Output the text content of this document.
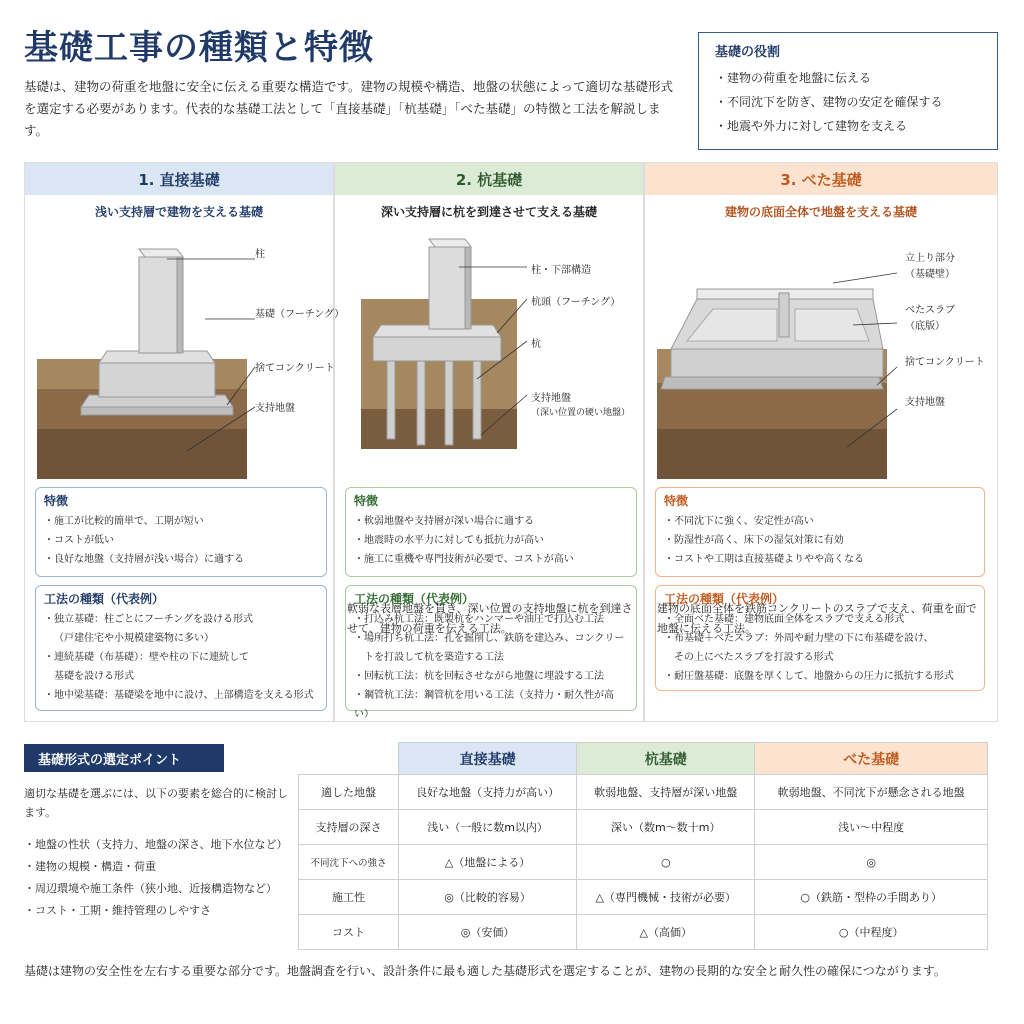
基礎工事の種類と特徴
基礎は、建物の荷重を地盤に安全に伝える重要な構造です。建物の規模や構造、地盤の状態によって適切な基礎形式を選定する必要があります。代表的な基礎工法として「直接基礎」「杭基礎」「べた基礎」の特徴と工法を解説します。
基礎の役割
・建物の荷重を地盤に伝える
・不同沈下を防ぎ、建物の安定を確保する
・地震や外力に対して建物を支える
1. 直接基礎
浅い支持層で建物を支える基礎
柱
基礎（フーチング）
捨てコンクリート
支持地盤
特徴
・施工が比較的簡単で、工期が短い
・コストが低い
・良好な地盤（支持層が浅い場合）に適する
工法の種類（代表例）
・独立基礎：柱ごとにフーチングを設ける形式
（戸建住宅や小規模建築物に多い）
・連続基礎（布基礎）：壁や柱の下に連続して
基礎を設ける形式
・地中梁基礎：基礎梁を地中に設け、上部構造を支える形式
2. 杭基礎
深い支持層に杭を到達させて支える基礎
柱・下部構造
杭頭（フーチング）
杭
支持地盤
（深い位置の硬い地盤）
軟弱な表層地盤を貫き、深い位置の支持地盤に杭を到達させて、建物の荷重を伝える工法。
特徴
・軟弱地盤や支持層が深い場合に適する
・地震時の水平力に対しても抵抗力が高い
・施工に重機や専門技術が必要で、コストが高い
工法の種類（代表例）
・打込み杭工法：既製杭をハンマーや油圧で打込む工法
・場所打ち杭工法：孔を掘削し、鉄筋を建込み、コンクリー
トを打設して杭を築造する工法
・回転杭工法：杭を回転させながら地盤に埋設する工法
・鋼管杭工法：鋼管杭を用いる工法（支持力・耐久性が高い）
3. べた基礎
建物の底面全体で地盤を支える基礎
立上り部分
（基礎壁）
べたスラブ
（底版）
捨てコンクリート
支持地盤
建物の底面全体を鉄筋コンクリートのスラブで支え、荷重を面で地盤に伝える工法。
特徴
・不同沈下に強く、安定性が高い
・防湿性が高く、床下の湿気対策に有効
・コストや工期は直接基礎よりやや高くなる
工法の種類（代表例）
・全面べた基礎：建物底面全体をスラブで支える形式
・布基礎＋べたスラブ：外周や耐力壁の下に布基礎を設け、
その上にべたスラブを打設する形式
・耐圧盤基礎：底盤を厚くして、地盤からの圧力に抵抗する形式
基礎形式の選定ポイント
適切な基礎を選ぶには、以下の要素を総合的に検討します。
・地盤の性状（支持力、地盤の深さ、地下水位など）
・建物の規模・構造・荷重
・周辺環境や施工条件（狭小地、近接構造物など）
・コスト・工期・維持管理のしやすさ
	直接基礎	杭基礎	べた基礎
適した地盤	良好な地盤（支持力が高い）	軟弱地盤、支持層が深い地盤	軟弱地盤、不同沈下が懸念される地盤
支持層の深さ	浅い（一般に数m以内）	深い（数m～数十m）	浅い～中程度
不同沈下への強さ	△（地盤による）	○	◎
施工性	◎（比較的容易）	△（専門機械・技術が必要）	○（鉄筋・型枠の手間あり）
コスト	◎（安価）	△（高価）	○（中程度）
基礎は建物の安全性を左右する重要な部分です。地盤調査を行い、設計条件に最も適した基礎形式を選定することが、建物の長期的な安全と耐久性の確保につながります。
